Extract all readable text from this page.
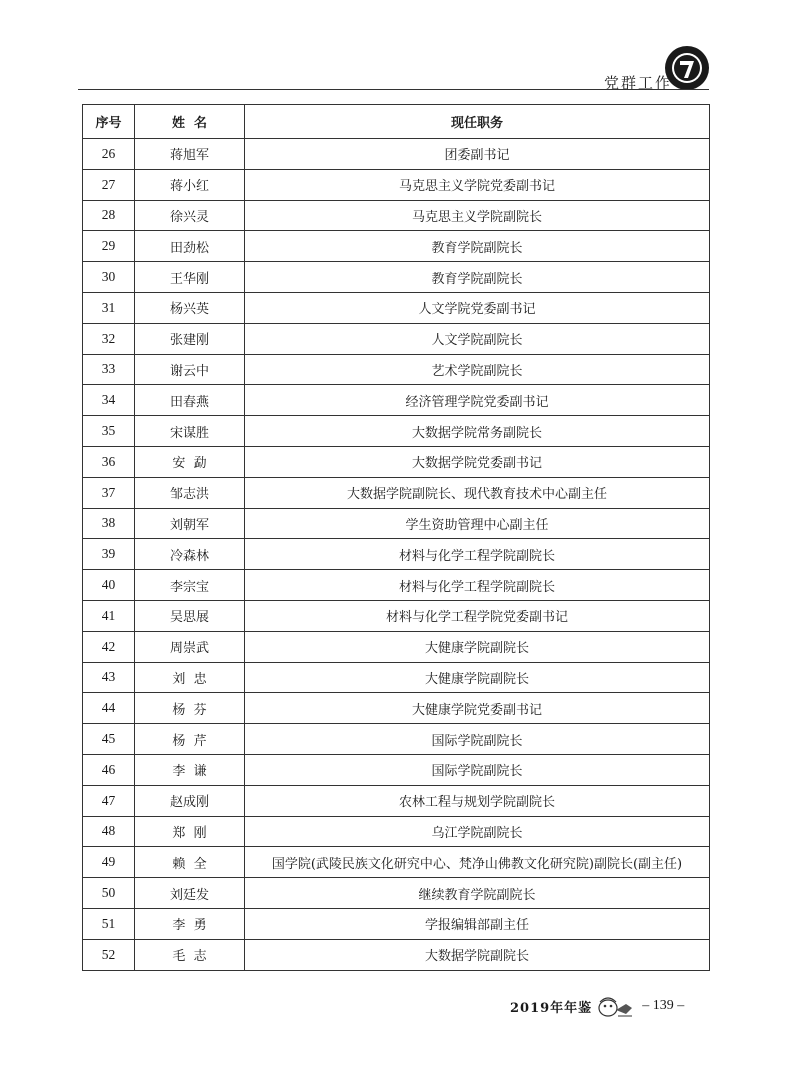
党群工作
序号	姓  名	现任职务
26	蒋旭军	团委副书记
27	蒋小红	马克思主义学院党委副书记
28	徐兴灵	马克思主义学院副院长
29	田劲松	教育学院副院长
30	王华刚	教育学院副院长
31	杨兴英	人文学院党委副书记
32	张建刚	人文学院副院长
33	谢云中	艺术学院副院长
34	田春燕	经济管理学院党委副书记
35	宋谋胜	大数据学院常务副院长
36	安  勐	大数据学院党委副书记
37	邹志洪	大数据学院副院长、现代教育技术中心副主任
38	刘朝军	学生资助管理中心副主任
39	冷森林	材料与化学工程学院副院长
40	李宗宝	材料与化学工程学院副院长
41	吴思展	材料与化学工程学院党委副书记
42	周崇武	大健康学院副院长
43	刘  忠	大健康学院副院长
44	杨  芬	大健康学院党委副书记
45	杨  芹	国际学院副院长
46	李  谦	国际学院副院长
47	赵成刚	农林工程与规划学院副院长
48	郑  刚	乌江学院副院长
49	赖  全	国学院(武陵民族文化研究中心、梵净山佛教文化研究院)副院长(副主任)
50	刘廷发	继续教育学院副院长
51	李  勇	学报编辑部副主任
52	毛  志	大数据学院副院长
2019年年鉴	– 139 –
